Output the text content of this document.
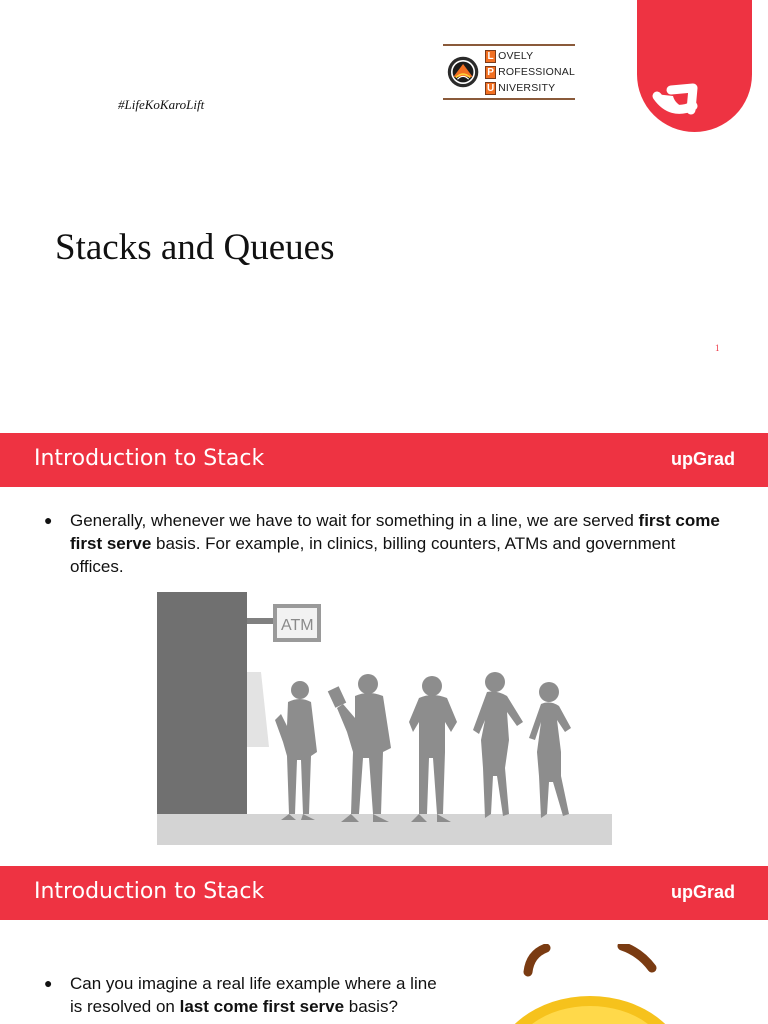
#LifeKoKaroLift
L OVELY
P ROFESSIONAL
U NIVERSITY
Stacks and Queues
1
Introduction to Stack	upGrad
● Generally, whenever we have to wait for something in a line, we are served first come first serve basis. For example, in clinics, billing counters, ATMs and government offices.
ATM
Introduction to Stack	upGrad
● Can you imagine a real life example where a line is resolved on last come first serve basis?
